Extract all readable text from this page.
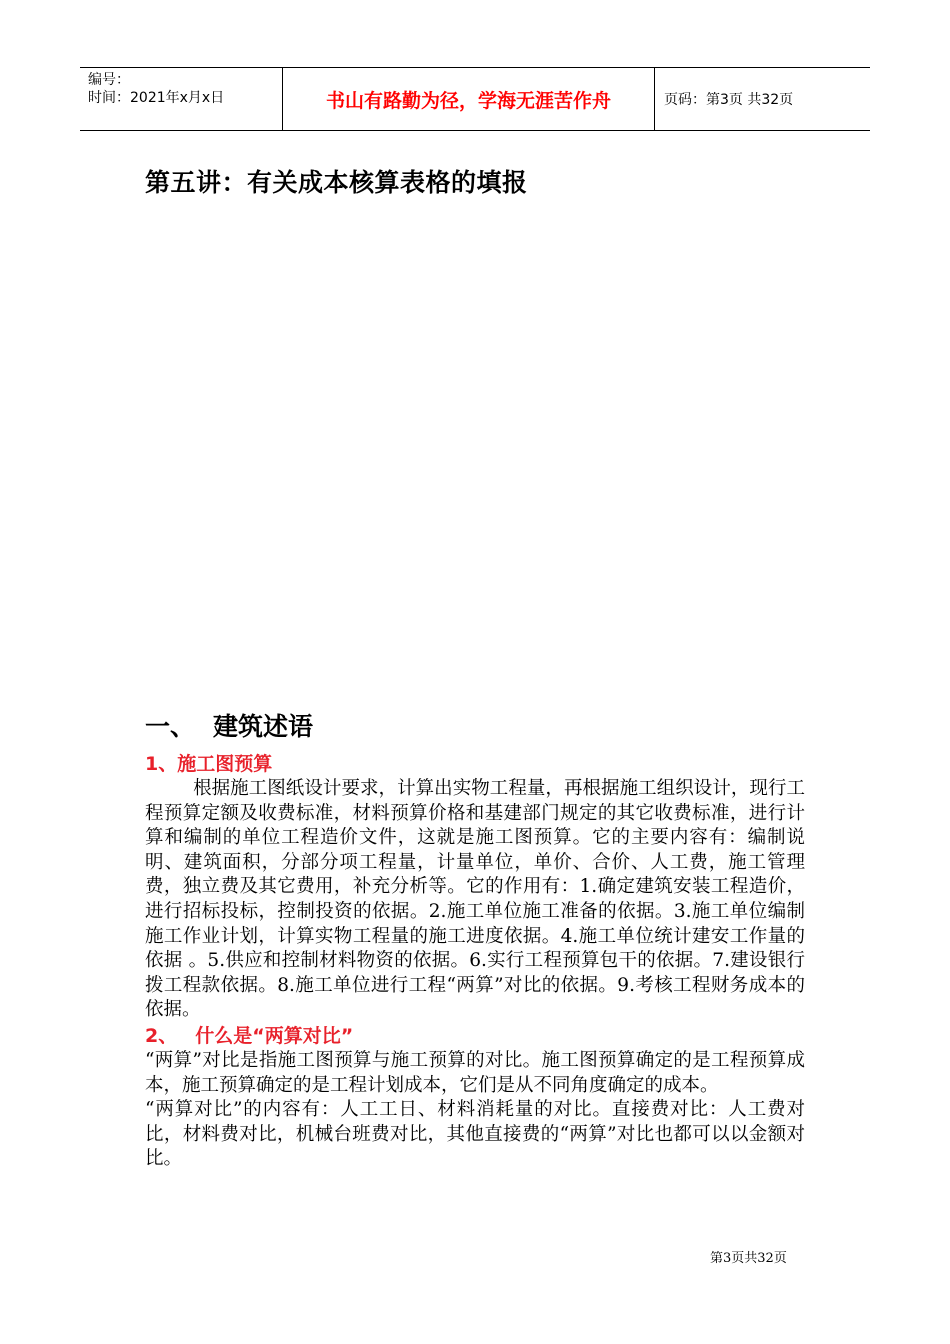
编号：
时间：2021年x月x日	书山有路勤为径，学海无涯苦作舟	页码：第3页 共32页
第五讲：有关成本核算表格的填报
一、 建筑述语
1、施工图预算

根据施工图纸设计要求，计算出实物工程量，再根据施工组织设计，现行工程预算定额及收费标准，材料预算价格和基建部门规定的其它收费标准，进行计算和编制的单位工程造价文件，这就是施工图预算。它的主要内容有：编制说明、建筑面积，分部分项工程量，计量单位，单价、合价、人工费，施工管理费，独立费及其它费用，补充分析等。它的作用有：1.确定建筑安装工程造价，进行招标投标，控制投资的依据。2.施工单位施工准备的依据。3.施工单位编制施工作业计划，计算实物工程量的施工进度依据。4.施工单位统计建安工作量的依据 。5.供应和控制材料物资的依据。6.实行工程预算包干的依据。7.建设银行拨工程款依据。8.施工单位进行工程“两算”对比的依据。9.考核工程财务成本的依据。

2、 什么是“两算对比”

“两算”对比是指施工图预算与施工预算的对比。施工图预算确定的是工程预算成本，施工预算确定的是工程计划成本，它们是从不同角度确定的成本。

“两算对比”的内容有：人工工日、材料消耗量的对比。直接费对比：人工费对比，材料费对比，机械台班费对比，其他直接费的“两算”对比也都可以以金额对比。

第3页共32页
